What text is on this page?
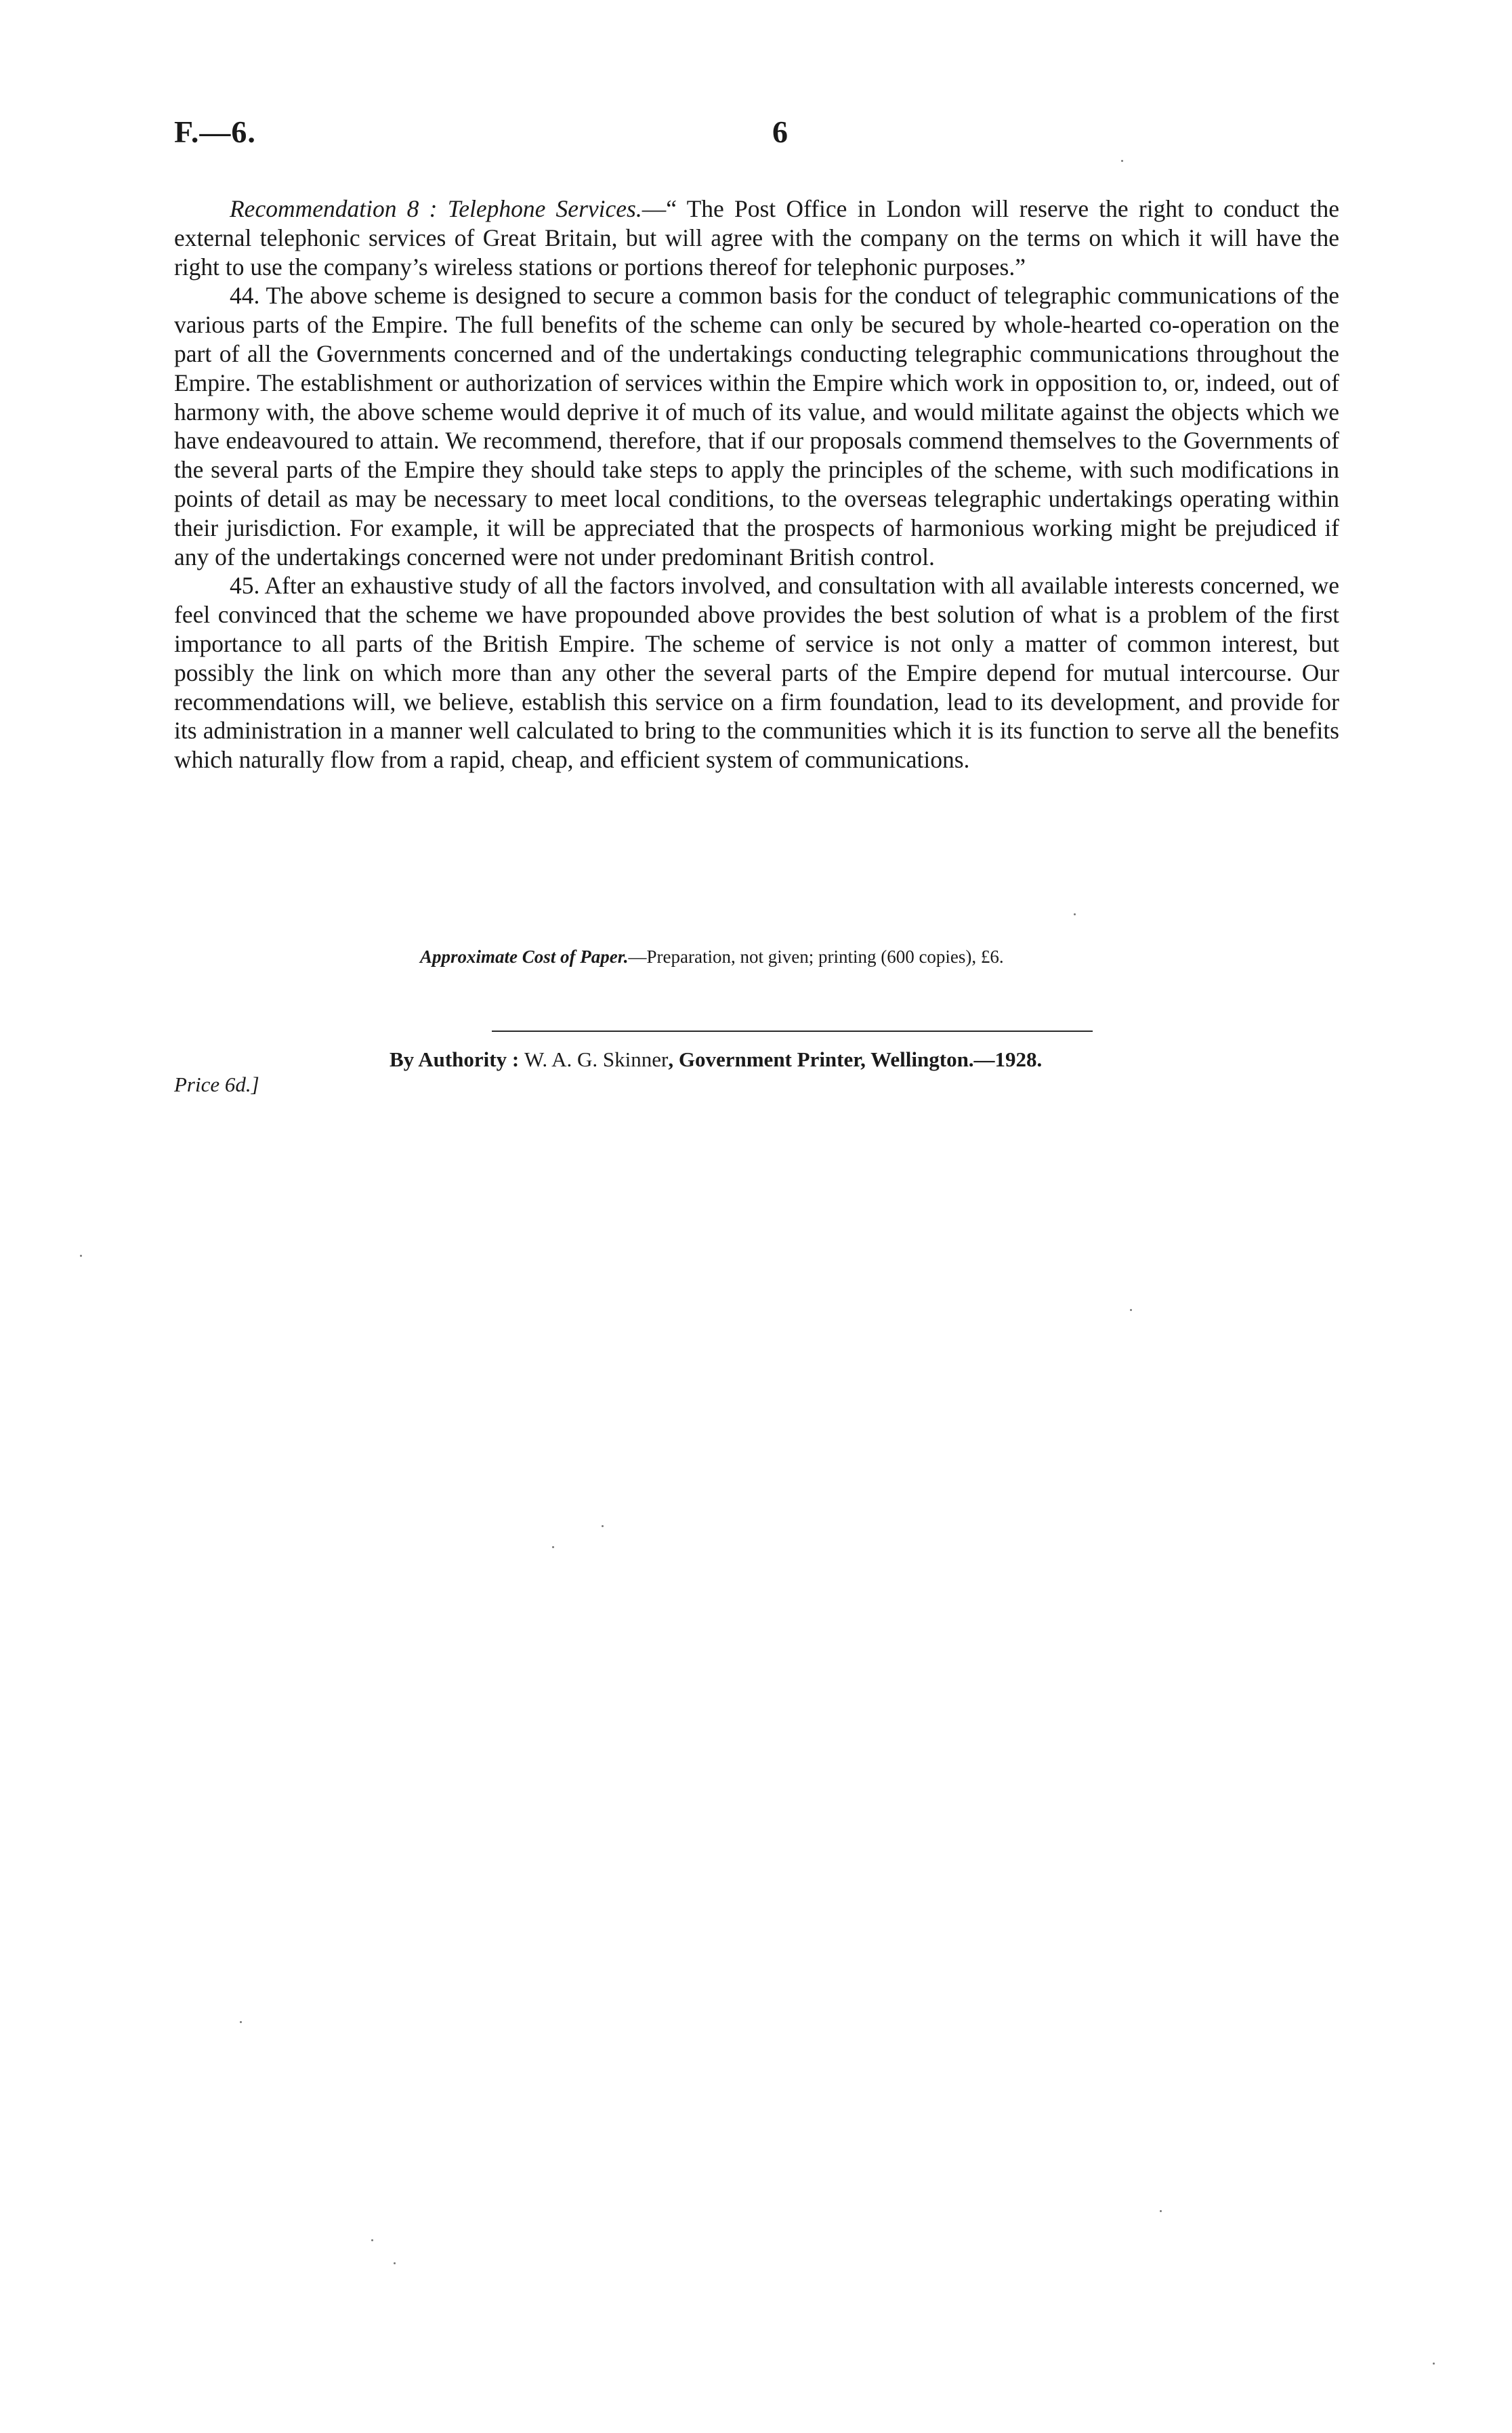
F.—6.	6

Recommendation 8 : Telephone Services.—“ The Post Office in London will reserve the right to conduct the external telephonic services of Great Britain, but will agree with the company on the terms on which it will have the right to use the company’s wireless stations or portions thereof for telephonic purposes.”

44. The above scheme is designed to secure a common basis for the conduct of telegraphic communications of the various parts of the Empire. The full benefits of the scheme can only be secured by whole-hearted co-operation on the part of all the Governments concerned and of the undertakings conducting telegraphic communications throughout the Empire. The establishment or authorization of services within the Empire which work in opposition to, or, indeed, out of harmony with, the above scheme would deprive it of much of its value, and would militate against the objects which we have endeavoured to attain. We recommend, therefore, that if our proposals commend themselves to the Governments of the several parts of the Empire they should take steps to apply the principles of the scheme, with such modifications in points of detail as may be necessary to meet local conditions, to the overseas telegraphic undertakings operating within their jurisdiction. For example, it will be appreciated that the prospects of harmonious working might be prejudiced if any of the undertakings concerned were not under predominant British control.

45. After an exhaustive study of all the factors involved, and consultation with all available interests concerned, we feel convinced that the scheme we have propounded above provides the best solution of what is a problem of the first importance to all parts of the British Empire. The scheme of service is not only a matter of common interest, but possibly the link on which more than any other the several parts of the Empire depend for mutual intercourse. Our recommendations will, we believe, establish this service on a firm foundation, lead to its development, and provide for its administration in a manner well calculated to bring to the communities which it is its function to serve all the benefits which naturally flow from a rapid, cheap, and efficient system of communications.

Approximate Cost of Paper.—Preparation, not given; printing (600 copies), £6.
By Authority : W. A. G. Skinner, Government Printer, Wellington.—1928.
Price 6d.]
